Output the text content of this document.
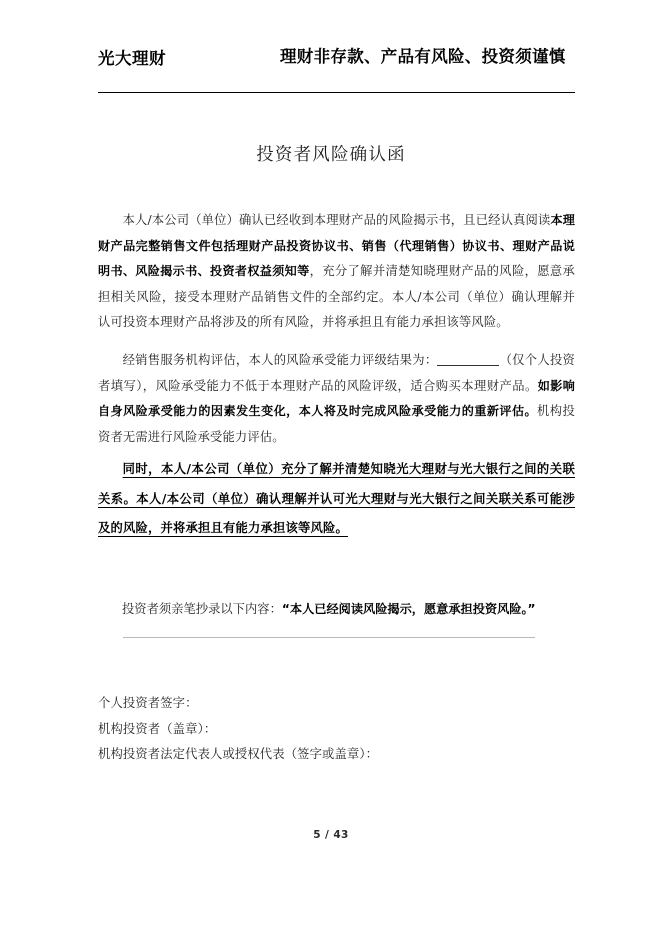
光大理财	理财非存款、产品有风险、投资须谨慎
投资者风险确认函

本人/本公司（单位）确认已经收到本理财产品的风险揭示书，且已经认真阅读本理财产品完整销售文件包括理财产品投资协议书、销售（代理销售）协议书、理财产品说明书、风险揭示书、投资者权益须知等，充分了解并清楚知晓理财产品的风险，愿意承担相关风险，接受本理财产品销售文件的全部约定。本人/本公司（单位）确认理解并认可投资本理财产品将涉及的所有风险，并将承担且有能力承担该等风险。

经销售服务机构评估，本人的风险承受能力评级结果为：	（仅个人投资者填写），风险承受能力不低于本理财产品的风险评级，适合购买本理财产品。如影响自身风险承受能力的因素发生变化，本人将及时完成风险承受能力的重新评估。机构投资者无需进行风险承受能力评估。

同时，本人/本公司（单位）充分了解并清楚知晓光大理财与光大银行之间的关联关系。本人/本公司（单位）确认理解并认可光大理财与光大银行之间关联关系可能涉及的风险，并将承担且有能力承担该等风险。
投资者须亲笔抄录以下内容：“本人已经阅读风险揭示，愿意承担投资风险。”
个人投资者签字：
机构投资者（盖章）：
机构投资者法定代表人或授权代表（签字或盖章）：
5 / 43
